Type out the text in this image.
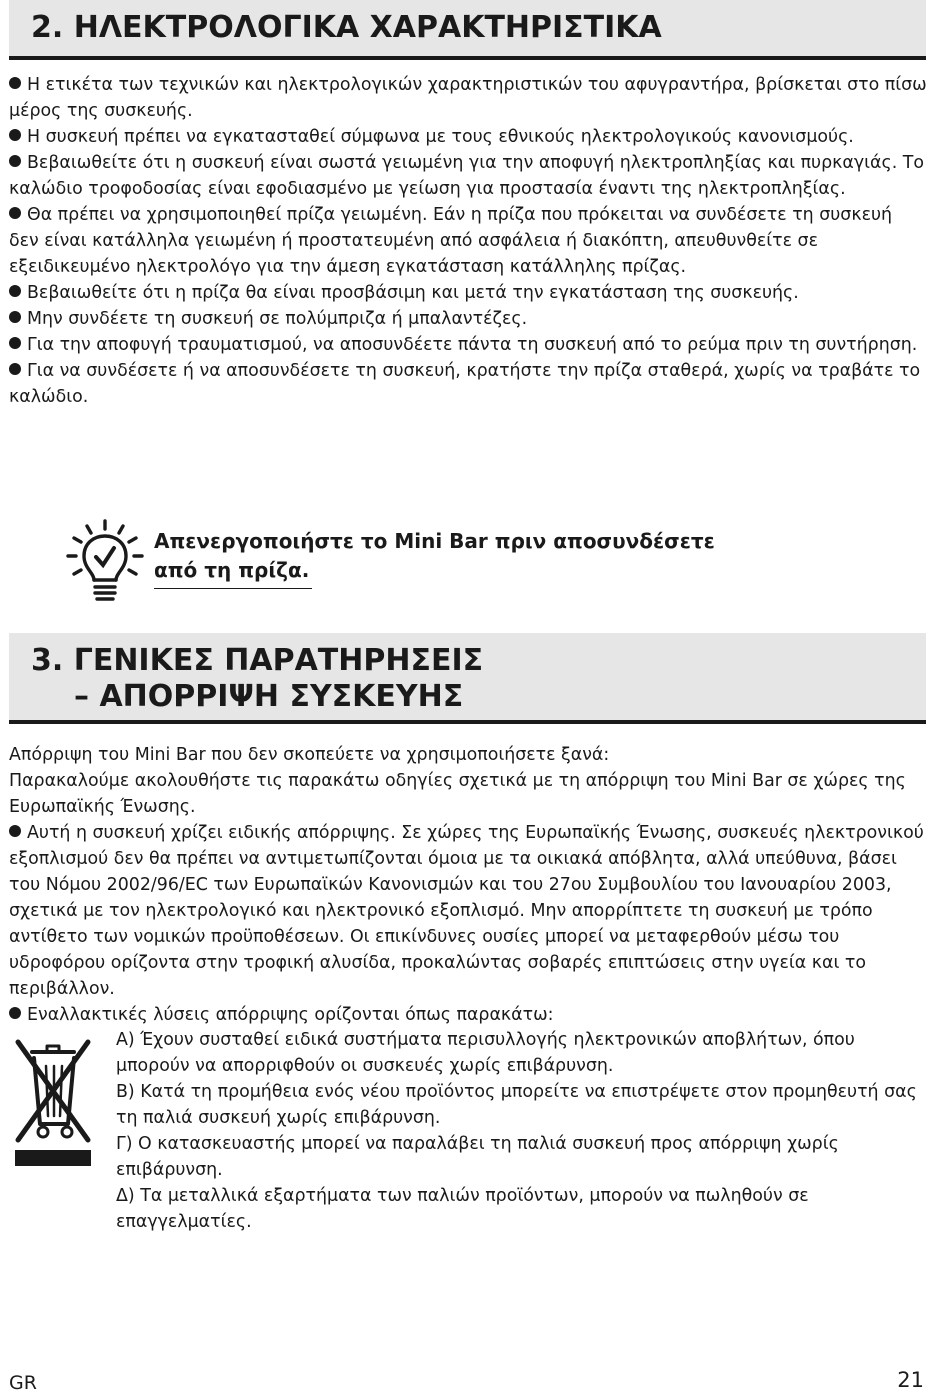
2. ΗΛΕΚΤΡΟΛΟΓΙΚΑ ΧΑΡΑΚΤΗΡΙΣΤΙΚΑ

Η ετικέτα των τεχνικών και ηλεκτρολογικών χαρακτηριστικών του αφυγραντήρα, βρίσκεται στο πίσω μέρος της συσκευής.

Η συσκευή πρέπει να εγκατασταθεί σύμφωνα με τους εθνικούς ηλεκτρολογικούς κανονισμούς.

Βεβαιωθείτε ότι η συσκευή είναι σωστά γειωμένη για την αποφυγή ηλεκτροπληξίας και πυρκαγιάς. Το καλώδιο τροφοδοσίας είναι εφοδιασμένο με γείωση για προστασία έναντι της ηλεκτροπληξίας.

Θα πρέπει να χρησιμοποιηθεί πρίζα γειωμένη. Εάν η πρίζα που πρόκειται να συνδέσετε τη συσκευή δεν είναι κατάλληλα γειωμένη ή προστατευμένη από ασφάλεια ή διακόπτη, απευθυνθείτε σε εξειδικευμένο ηλεκτρολόγο για την άμεση εγκατάσταση κατάλληλης πρίζας.

Βεβαιωθείτε ότι η πρίζα θα είναι προσβάσιμη και μετά την εγκατάσταση της συσκευής.

Μην συνδέετε τη συσκευή σε πολύμπριζα ή μπαλαντέζες.

Για την αποφυγή τραυματισμού, να αποσυνδέετε πάντα τη συσκευή από το ρεύμα πριν τη συντήρηση.

Για να συνδέσετε ή να αποσυνδέσετε τη συσκευή, κρατήστε την πρίζα σταθερά, χωρίς να τραβάτε το καλώδιο.

Απενεργοποιήστε το Mini Bar πριν αποσυνδέσετε
από τη πρίζα.
3. ΓΕΝΙΚΕΣ ΠΑΡΑΤΗΡΗΣΕΙΣ
– ΑΠΟΡΡΙΨΗ ΣΥΣΚΕΥΗΣ

Απόρριψη του Mini Bar που δεν σκοπεύετε να χρησιμοποιήσετε ξανά:

Παρακαλούμε ακολουθήστε τις παρακάτω οδηγίες σχετικά με τη απόρριψη του Mini Bar σε χώρες της Ευρωπαϊκής Ένωσης.

Αυτή η συσκευή χρίζει ειδικής απόρριψης. Σε χώρες της Ευρωπαϊκής Ένωσης, συσκευές ηλεκτρονικού εξοπλισμού δεν θα πρέπει να αντιμετωπίζονται όμοια με τα οικιακά απόβλητα, αλλά υπεύθυνα, βάσει του Νόμου 2002/96/EC των Ευρωπαϊκών Κανονισμών και του 27ου Συμβουλίου του Ιανουαρίου 2003, σχετικά με τον ηλεκτρολογικό και ηλεκτρονικό εξοπλισμό. Μην απορρίπτετε τη συσκευή με τρόπο αντίθετο των νομικών προϋποθέσεων. Οι επικίνδυνες ουσίες μπορεί να μεταφερθούν μέσω του υδροφόρου ορίζοντα στην τροφική αλυσίδα, προκαλώντας σοβαρές επιπτώσεις στην υγεία και το περιβάλλον.

Εναλλακτικές λύσεις απόρριψης ορίζονται όπως παρακάτω:

Α) Έχουν συσταθεί ειδικά συστήματα περισυλλογής ηλεκτρονικών αποβλήτων, όπου μπορούν να απορριφθούν οι συσκευές χωρίς επιβάρυνση.

Β) Κατά τη προμήθεια ενός νέου προϊόντος μπορείτε να επιστρέψετε στον προμηθευτή σας τη παλιά συσκευή χωρίς επιβάρυνση.

Γ) Ο κατασκευαστής μπορεί να παραλάβει τη παλιά συσκευή προς απόρριψη χωρίς επιβάρυνση.

Δ) Τα μεταλλικά εξαρτήματα των παλιών προϊόντων, μπορούν να πωληθούν σε επαγγελματίες.

GR	21
